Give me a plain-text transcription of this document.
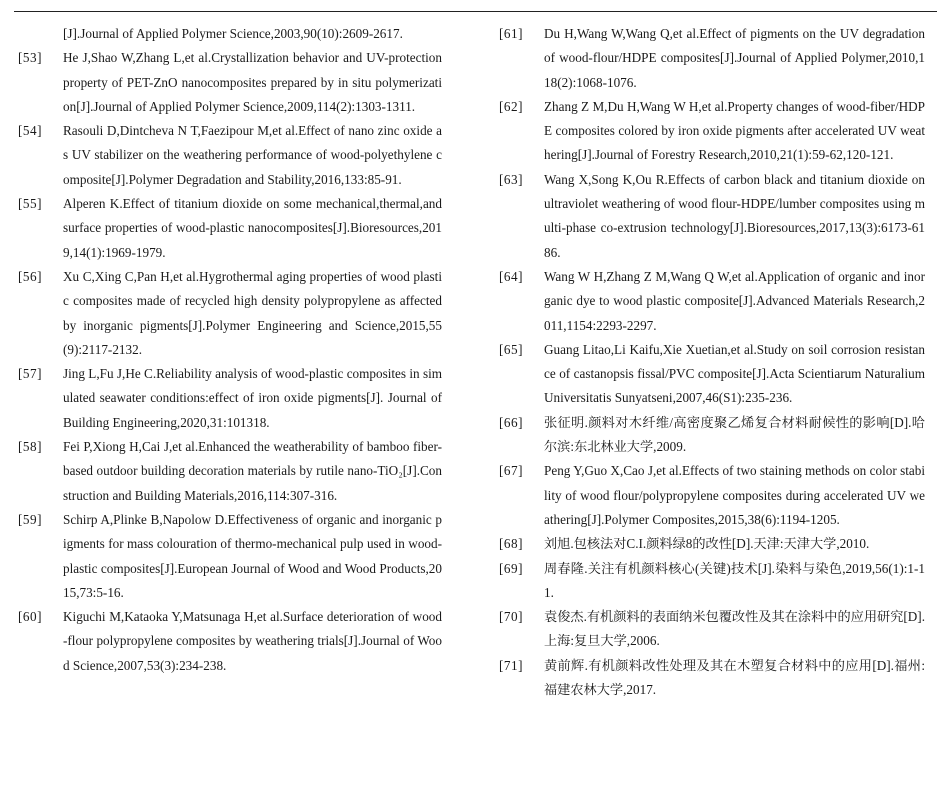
[J].Journal of Applied Polymer Science,2003,90(10):2609-2617.
[53]	He J,Shao W,Zhang L,et al.Crystallization behavior and UV-protection property of PET-ZnO nanocomposites prepared by in situ polymerization[J].Journal of Applied Polymer Science,2009,114(2):1303-1311.
[54]	Rasouli D,Dintcheva N T,Faezipour M,et al.Effect of nano zinc oxide as UV stabilizer on the weathering performance of wood-polyethylene composite[J].Polymer Degradation and Stability,2016,133:85-91.
[55]	Alperen K.Effect of titanium dioxide on some mechanical,thermal,and surface properties of wood-plastic nanocomposites[J].Bioresources,2019,14(1):1969-1979.
[56]	Xu C,Xing C,Pan H,et al.Hygrothermal aging properties of wood plastic composites made of recycled high density polypropylene as affected by inorganic pigments[J].Polymer Engineering and Science,2015,55(9):2117-2132.
[57]	Jing L,Fu J,He C.Reliability analysis of wood-plastic composites in simulated seawater conditions:effect of iron oxide pigments[J]. Journal of Building Engineering,2020,31:101318.
[58]	Fei P,Xiong H,Cai J,et al.Enhanced the weatherability of bamboo fiber-based outdoor building decoration materials by rutile nano-TiO₂[J].Construction and Building Materials,2016,114:307-316.
[59]	Schirp A,Plinke B,Napolow D.Effectiveness of organic and inorganic pigments for mass colouration of thermo-mechanical pulp used in wood-plastic composites[J].European Journal of Wood and Wood Products,2015,73:5-16.
[60]	Kiguchi M,Kataoka Y,Matsunaga H,et al.Surface deterioration of wood-flour polypropylene composites by weathering trials[J].Journal of Wood Science,2007,53(3):234-238.
[61]	Du H,Wang W,Wang Q,et al.Effect of pigments on the UV degradation of wood-flour/HDPE composites[J].Journal of Applied Polymer,2010,118(2):1068-1076.
[62]	Zhang Z M,Du H,Wang W H,et al.Property changes of wood-fiber/HDPE composites colored by iron oxide pigments after accelerated UV weathering[J].Journal of Forestry Research,2010,21(1):59-62,120-121.
[63]	Wang X,Song K,Ou R.Effects of carbon black and titanium dioxide on ultraviolet weathering of wood flour-HDPE/lumber composites using multi-phase co-extrusion technology[J].Bioresources,2017,13(3):6173-6186.
[64]	Wang W H,Zhang Z M,Wang Q W,et al.Application of organic and inorganic dye to wood plastic composite[J].Advanced Materials Research,2011,1154:2293-2297.
[65]	Guang Litao,Li Kaifu,Xie Xuetian,et al.Study on soil corrosion resistance of castanopsis fissal/PVC composite[J].Acta Scientiarum Naturalium Universitatis Sunyatseni,2007,46(S1):235-236.
[66]	张征明.颜料对木纤维/高密度聚乙烯复合材料耐候性的影响[D].哈尔滨:东北林业大学,2009.
[67]	Peng Y,Guo X,Cao J,et al.Effects of two staining methods on color stability of wood flour/polypropylene composites during accelerated UV weathering[J].Polymer Composites,2015,38(6):1194-1205.
[68]	刘旭.包核法对C.I.颜料绿8的改性[D].天津:天津大学,2010.
[69]	周春隆.关注有机颜料核心(关键)技术[J].染料与染色,2019,56(1):1-11.
[70]	袁俊杰.有机颜料的表面纳米包覆改性及其在涂料中的应用研究[D].上海:复旦大学,2006.
[71]	黄前辉.有机颜料改性处理及其在木塑复合材料中的应用[D].福州:福建农林大学,2017.
